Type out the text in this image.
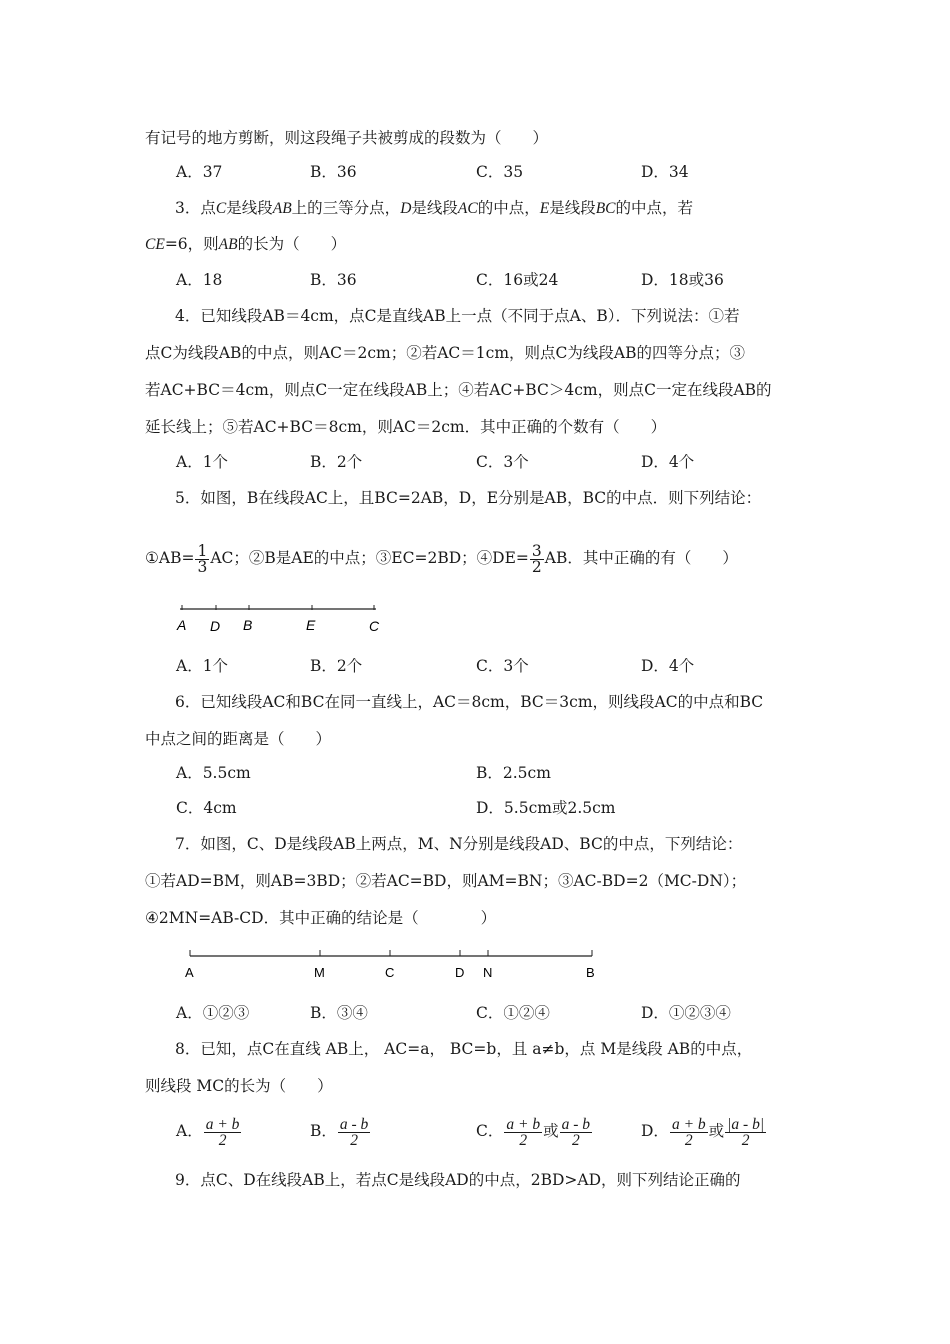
有记号的地方剪断，则这段绳子共被剪成的段数为（　　）
A．37	B．36	C．35	D．34
3．点C是线段AB上的三等分点，D是线段AC的中点，E是线段BC的中点，若
CE=6，则AB的长为（　　）
A．18	B．36	C．16或24	D．18或36
4．已知线段AB＝4cm，点C是直线AB上一点（不同于点A、B）．下列说法：①若
点C为线段AB的中点，则AC＝2cm；②若AC＝1cm，则点C为线段AB的四等分点；③
若AC+BC＝4cm，则点C一定在线段AB上；④若AC+BC＞4cm，则点C一定在线段AB的
延长线上；⑤若AC+BC＝8cm，则AC＝2cm．其中正确的个数有（　　）
A．1个	B．2个	C．3个	D．4个
5．如图，B在线段AC上，且BC=2AB，D，E分别是AB，BC的中点．则下列结论：
①AB= $\frac{1}{3}$ AC；②B是AE的中点；③EC=2BD；④DE= $\frac{3}{2}$ AB．其中正确的有（　　）
A D B	E	C
A．1个	B．2个	C．3个	D．4个
6．已知线段AC和BC在同一直线上，AC＝8cm，BC＝3cm，则线段AC的中点和BC
中点之间的距离是（　　）
A．5.5cm	B．2.5cm
C．4cm	D．5.5cm或2.5cm
7．如图，C、D是线段AB上两点，M、N分别是线段AD、BC的中点，下列结论：
①若AD=BM，则AB=3BD；②若AC=BD，则AM=BN；③AC-BD=2（MC-DN）；
④2MN=AB-CD．其中正确的结论是（　　　　）
A	M	C	D N	B
A．①②③	B．③④	C．①②④	D．①②③④
8．已知，点C在直线 AB上， AC=a， BC=b，且 a≠b，点 M是线段 AB的中点，
则线段 MC的长为（　　）
A． $\frac{a + b}{2}$	B． $\frac{a - b}{2}$	C． $\frac{a + b}{2}$ 或 $\frac{a - b}{2}$	D． $\frac{a + b}{2}$ 或 $\frac{|a - b|}{2}$
9．点C、D在线段AB上，若点C是线段AD的中点，2BD>AD，则下列结论正确的
